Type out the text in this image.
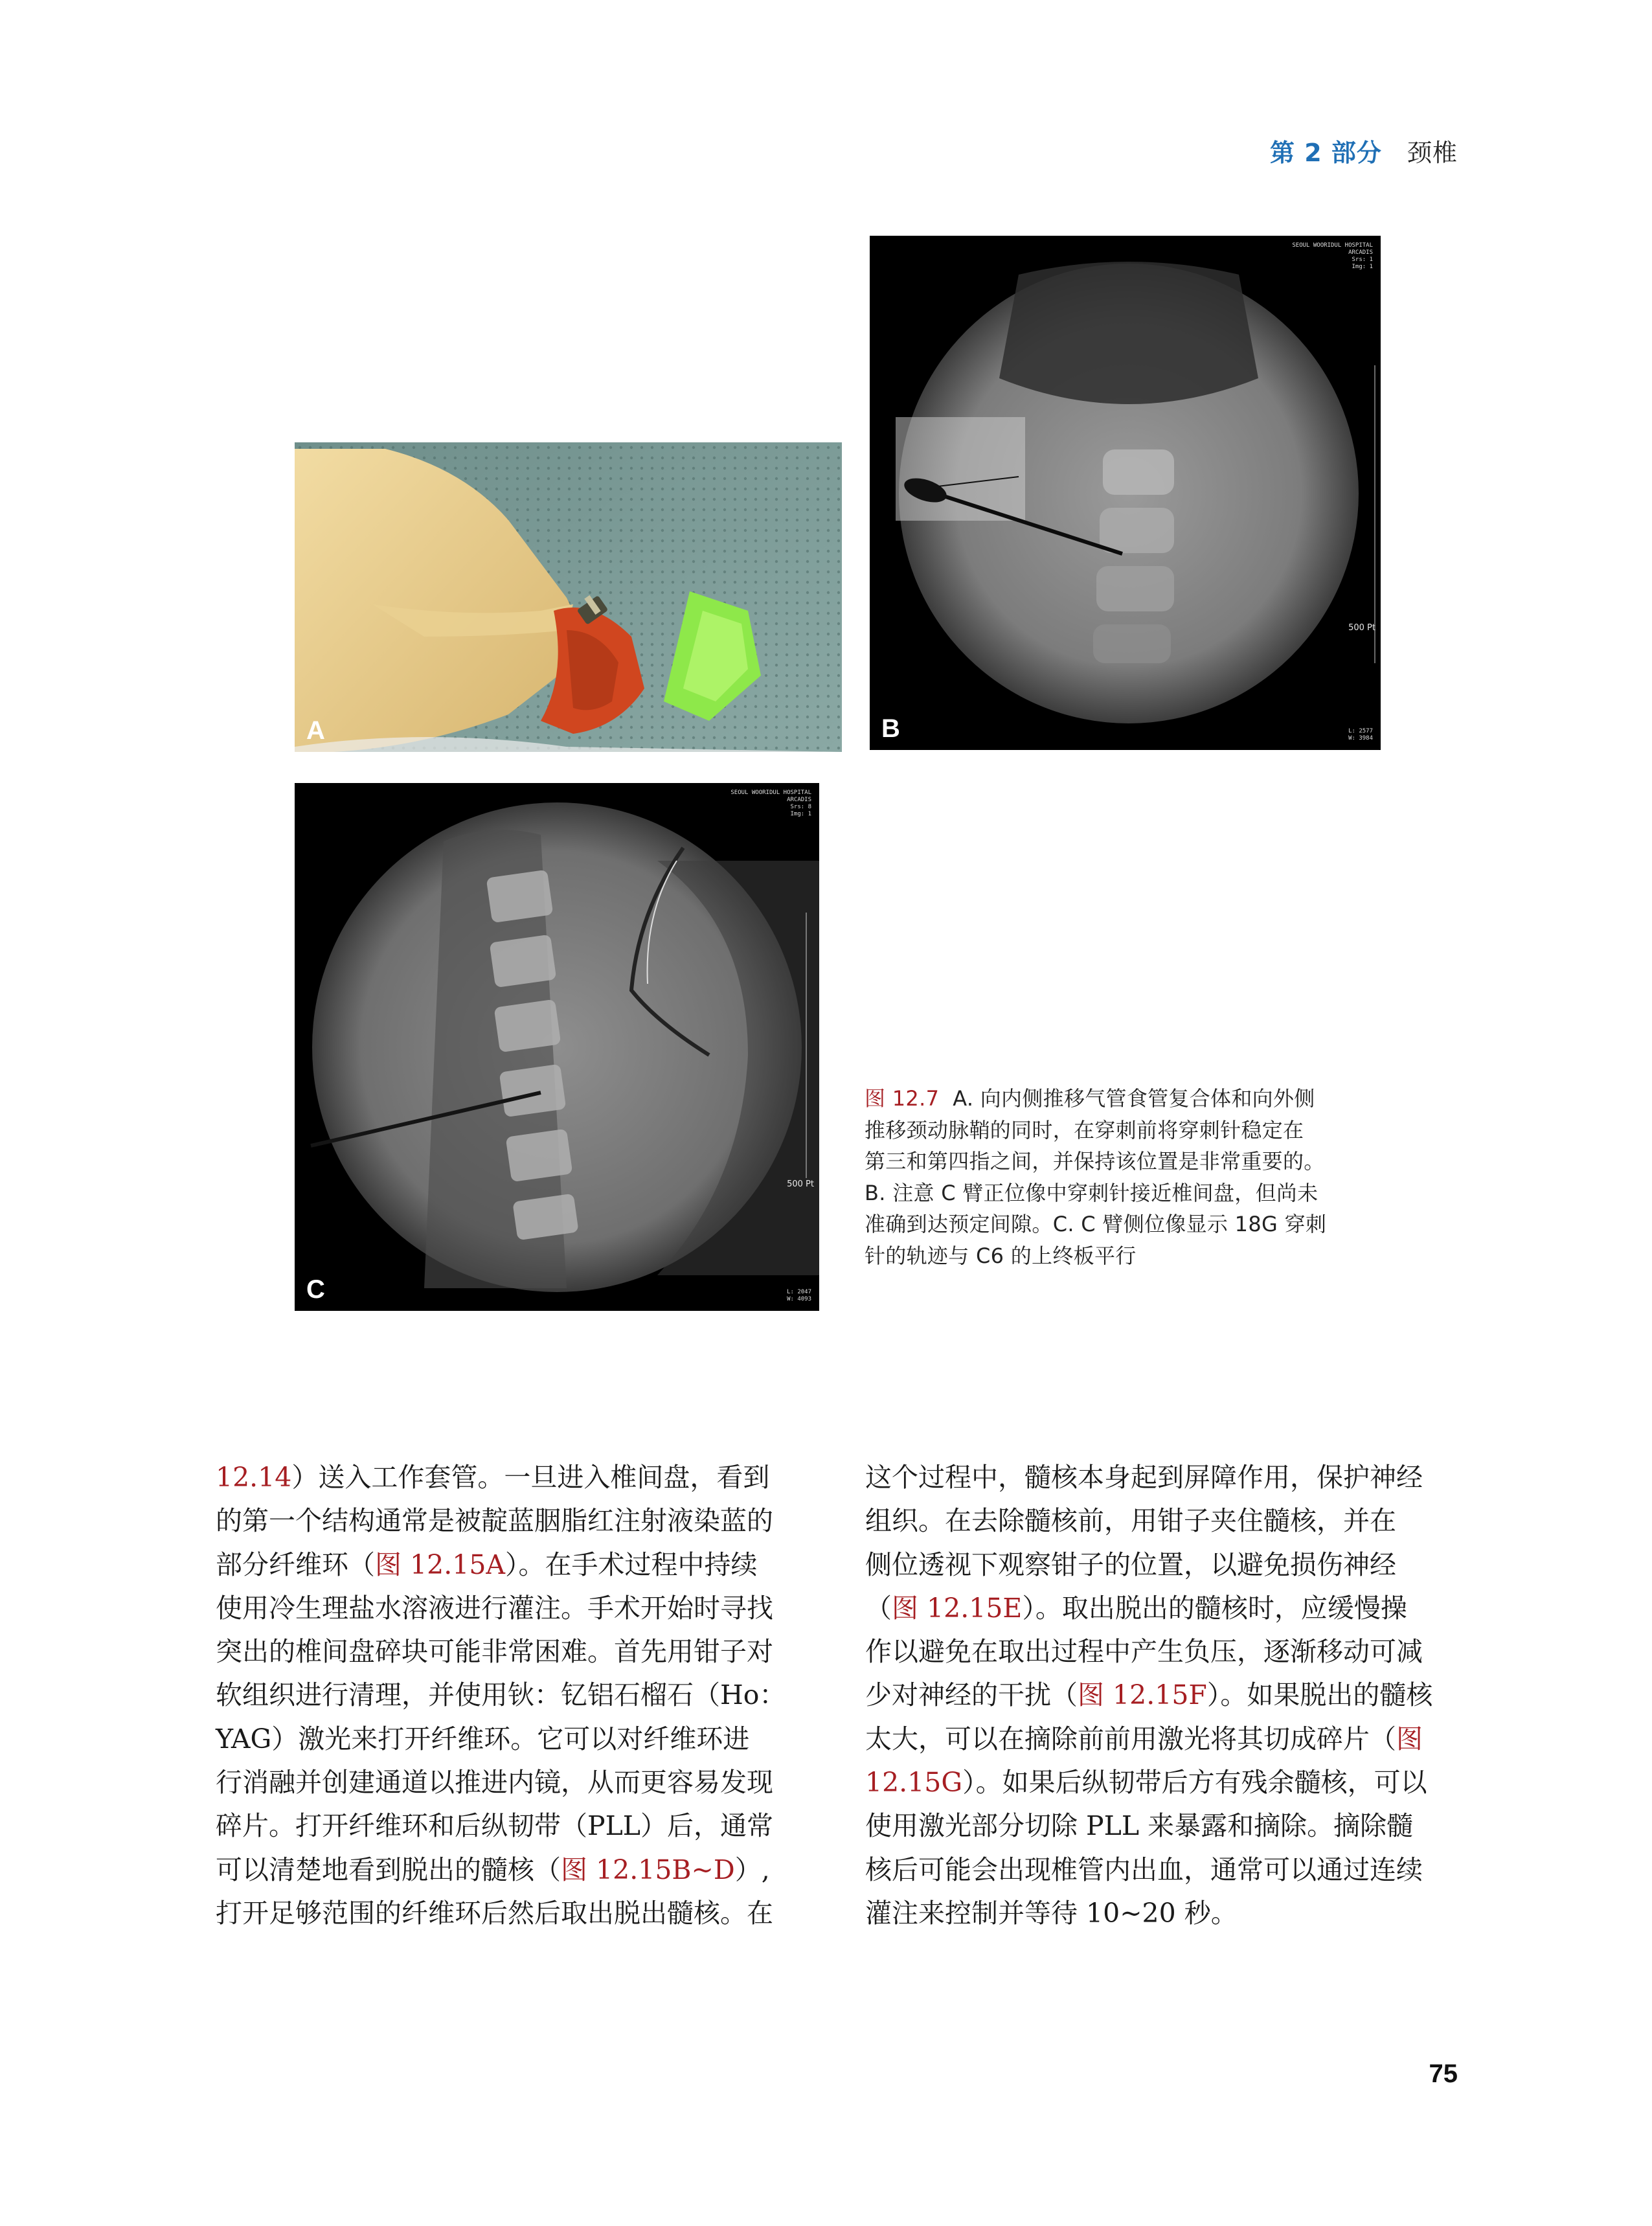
第 2 部分 颈椎
A
SEOUL WOORIDUL HOSPITAL
ARCADIS
Srs: 1
Img: 1
500 Pt
L: 2577
W: 3984
B
SEOUL WOORIDUL HOSPITAL
ARCADIS
Srs: 8
Img: 1
500 Pt
L: 2047
W: 4093
C
图 12.7 A. 向内侧推移气管食管复合体和向外侧
推移颈动脉鞘的同时，在穿刺前将穿刺针稳定在
第三和第四指之间，并保持该位置是非常重要的。
B. 注意 C 臂正位像中穿刺针接近椎间盘，但尚未
准确到达预定间隙。C. C 臂侧位像显示 18G 穿刺
针的轨迹与 C6 的上终板平行
12.14）送入工作套管。一旦进入椎间盘，看到
的第一个结构通常是被靛蓝胭脂红注射液染蓝的
部分纤维环（图 12.15A）。在手术过程中持续
使用冷生理盐水溶液进行灌注。手术开始时寻找
突出的椎间盘碎块可能非常困难。首先用钳子对
软组织进行清理，并使用钬：钇铝石榴石（Ho：
YAG）激光来打开纤维环。它可以对纤维环进
行消融并创建通道以推进内镜，从而更容易发现
碎片。打开纤维环和后纵韧带（PLL）后，通常
可以清楚地看到脱出的髓核（图 12.15B~D）,
打开足够范围的纤维环后然后取出脱出髓核。在
这个过程中，髓核本身起到屏障作用，保护神经
组织。在去除髓核前，用钳子夹住髓核，并在
侧位透视下观察钳子的位置，以避免损伤神经
（图 12.15E）。取出脱出的髓核时，应缓慢操
作以避免在取出过程中产生负压，逐渐移动可减
少对神经的干扰（图 12.15F）。如果脱出的髓核
太大，可以在摘除前前用激光将其切成碎片（图
12.15G）。如果后纵韧带后方有残余髓核，可以
使用激光部分切除 PLL 来暴露和摘除。摘除髓
核后可能会出现椎管内出血，通常可以通过连续
灌注来控制并等待 10~20 秒。
75
